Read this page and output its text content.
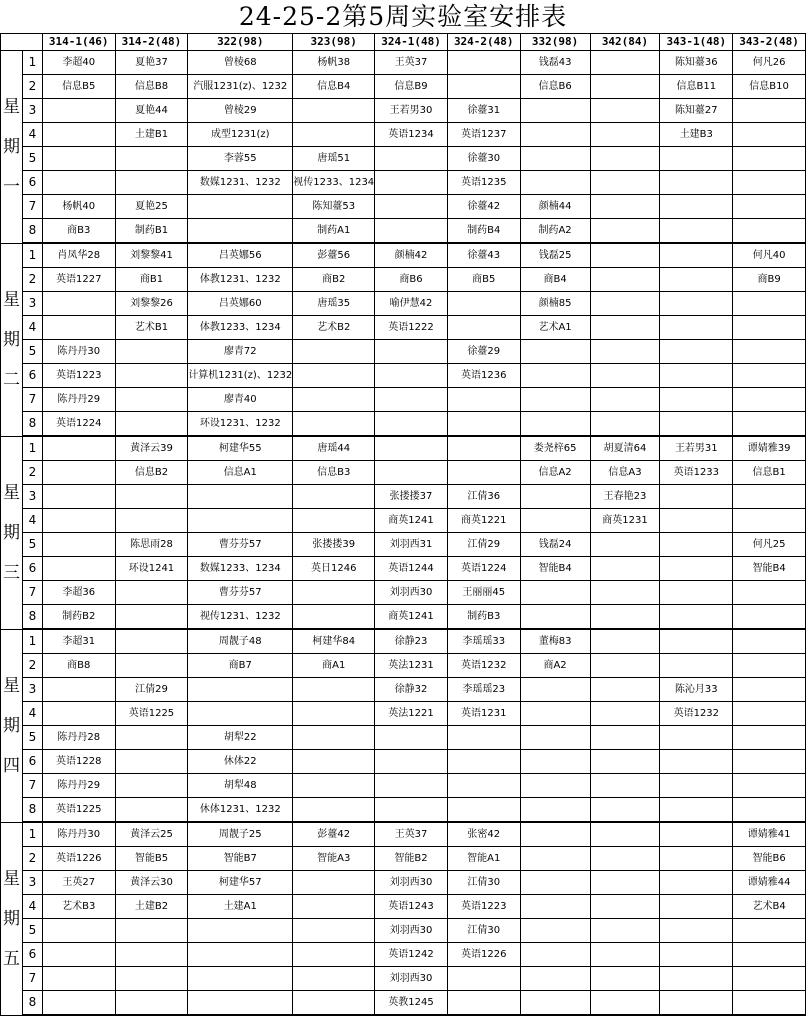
24-25-2第5周实验室安排表
		314-1(46)	314-2(48)	322(98)	323(98)	324-1(48)	324-2(48)	332(98)	342(84)	343-1(48)	343-2(48)
星
期
一	1	李超40	夏艳37	曾棱68	杨帆38	王英37		钱磊43		陈知薹36	何凡26
	2	信息B5	信息B8	汽服1231(z)、1232	信息B4	信息B9		信息B6		信息B11	信息B10
	3		夏艳44	曾棱29		王若男30	徐薹31			陈知薹27	
	4		土建B1	成型1231(z)		英语1234	英语1237			土建B3	
	5			李蓉55	唐瑶51		徐薹30				
	6			数媒1231、1232	视传1233、1234		英语1235				
	7	杨帆40	夏艳25		陈知薹53		徐薹42	颜楠44			
	8	商B3	制药B1		制药A1		制药B4	制药A2			
星
期
二	1	肖凤华28	刘黎黎41	吕英娜56	彭薹56	颜楠42	徐薹43	钱磊25			何凡40
	2	英语1227	商B1	体教1231、1232	商B2	商B6	商B5	商B4			商B9
	3		刘黎黎26	吕英娜60	唐瑶35	喻伊慧42		颜楠85			
	4		艺术B1	体教1233、1234	艺术B2	英语1222		艺术A1			
	5	陈丹丹30		廖青72			徐薹29				
	6	英语1223		计算机1231(z)、1232			英语1236				
	7	陈丹丹29		廖青40							
	8	英语1224		环设1231、1232							
星
期
三	1		黄泽云39	柯建华55	唐瑶44			娄尧梓65	胡夏清64	王若男31	谭婧雅39
	2		信息B2	信息A1	信息B3			信息A2	信息A3	英语1233	信息B1
	3					张搂搂37	江倩36		王春艳23		
	4					商英1241	商英1221		商英1231		
	5		陈思雨28	曹芬芬57	张搂搂39	刘羽西31	江倩29	钱磊24			何凡25
	6		环设1241	数媒1233、1234	英日1246	英语1244	英语1224	智能B4			智能B4
	7	李超36		曹芬芬57		刘羽西30	王丽丽45				
	8	制药B2		视传1231、1232		商英1241	制药B3				
星
期
四	1	李超31		周靓子48	柯建华84	徐静23	李瑶瑶33	董梅83			
	2	商B8		商B7	商A1	英法1231	英语1232	商A2			
	3		江倩29			徐静32	李瑶瑶23			陈沁月33	
	4		英语1225			英法1221	英语1231			英语1232	
	5	陈丹丹28		胡犁22							
	6	英语1228		休体22							
	7	陈丹丹29		胡犁48							
	8	英语1225		休体1231、1232							
星
期
五	1	陈丹丹30	黄泽云25	周靓子25	彭薹42	王英37	张密42				谭婧雅41
	2	英语1226	智能B5	智能B7	智能A3	智能B2	智能A1				智能B6
	3	王英27	黄泽云30	柯建华57		刘羽西30	江倩30				谭婧雅44
	4	艺术B3	土建B2	土建A1		英语1243	英语1223				艺术B4
	5					刘羽西30	江倩30				
	6					英语1242	英语1226				
	7					刘羽西30					
	8					英教1245					
